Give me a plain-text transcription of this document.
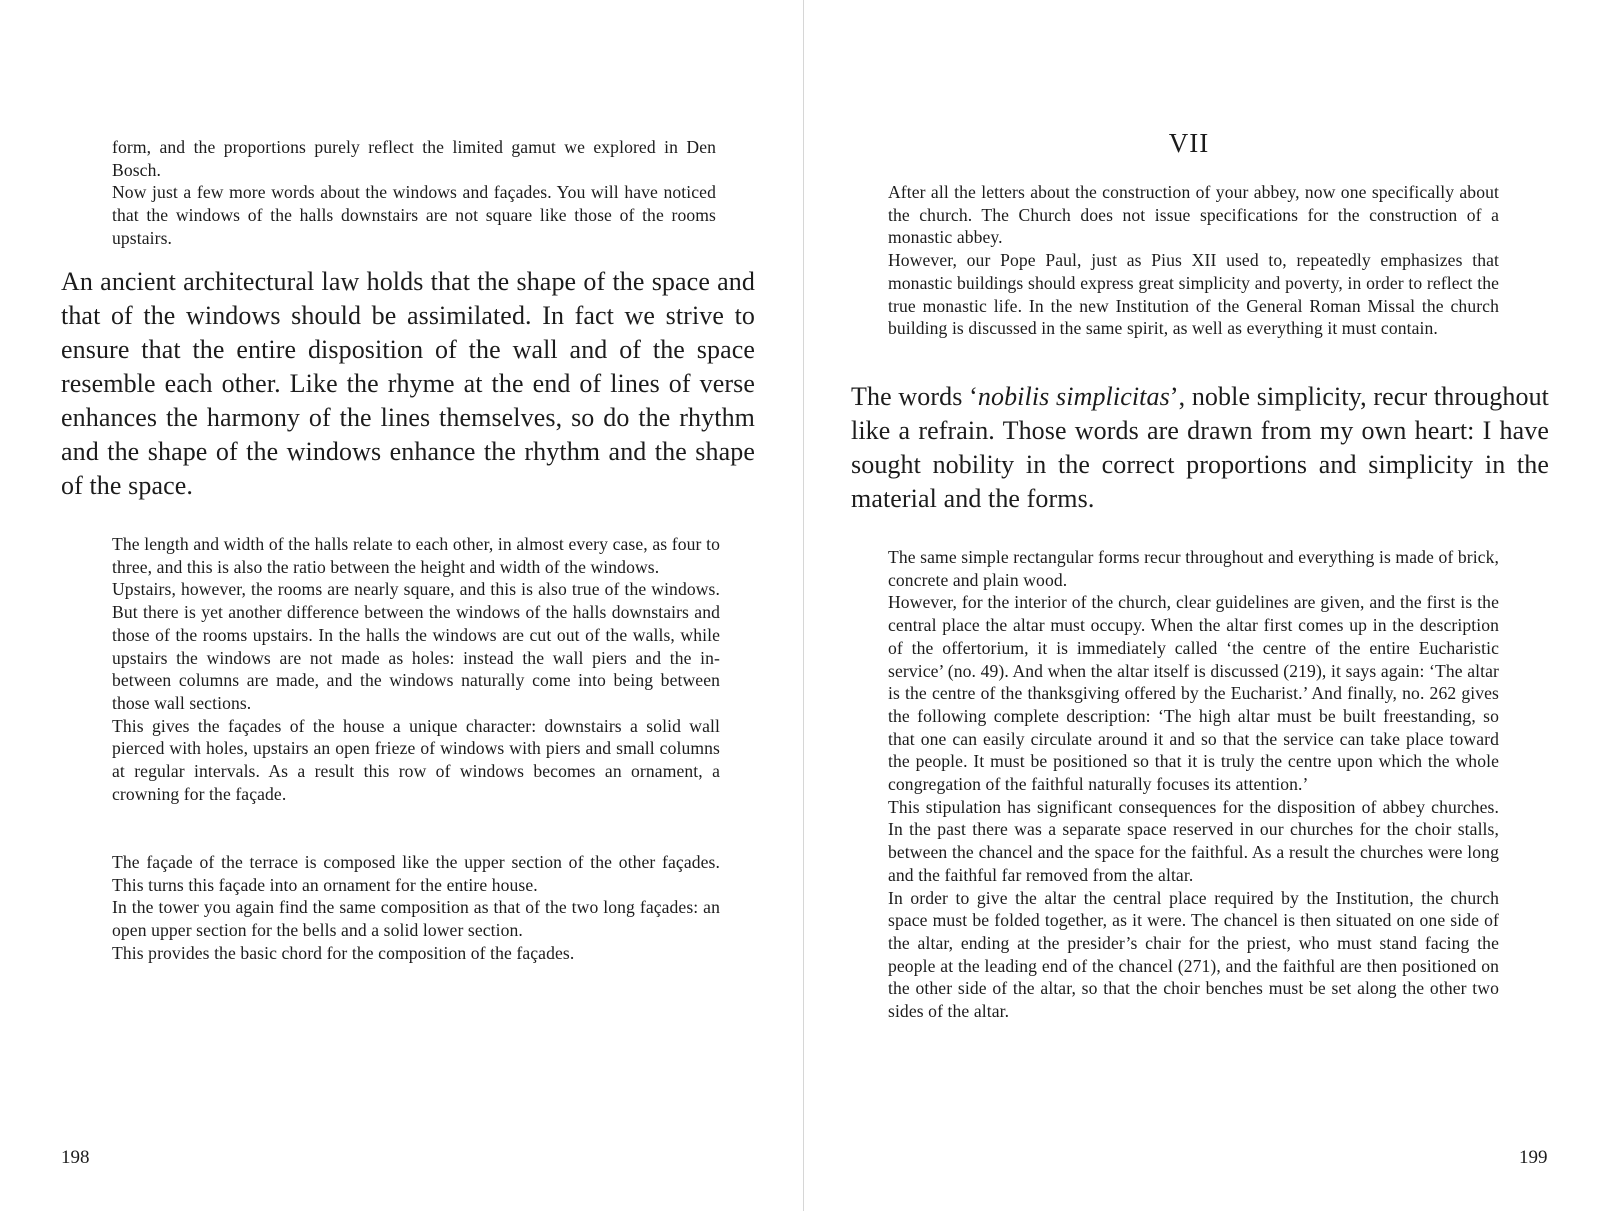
form, and the proportions purely reflect the limited gamut we explored in Den Bosch.

Now just a few more words about the windows and façades. You will have noticed that the windows of the halls downstairs are not square like those of the rooms upstairs.

An ancient architectural law holds that the shape of the space and that of the windows should be assimilated. In fact we strive to ensure that the entire disposition of the wall and of the space resemble each other. Like the rhyme at the end of lines of verse enhances the harmony of the lines themselves, so do the rhythm and the shape of the windows enhance the rhythm and the shape of the space.

The length and width of the halls relate to each other, in almost every case, as four to three, and this is also the ratio between the height and width of the windows.

Upstairs, however, the rooms are nearly square, and this is also true of the windows. But there is yet another difference between the windows of the halls downstairs and those of the rooms upstairs. In the halls the windows are cut out of the walls, while upstairs the windows are not made as holes: instead the wall piers and the in-between columns are made, and the windows naturally come into being between those wall sections.

This gives the façades of the house a unique character: downstairs a solid wall pierced with holes, upstairs an open frieze of windows with piers and small columns at regular intervals. As a result this row of windows becomes an ornament, a crowning for the façade.

The façade of the terrace is composed like the upper section of the other façades. This turns this façade into an ornament for the entire house.

In the tower you again find the same composition as that of the two long façades: an open upper section for the bells and a solid lower section.

This provides the basic chord for the composition of the façades.

198
VII

After all the letters about the construction of your abbey, now one specifically about the church. The Church does not issue specifications for the construction of a monastic abbey.

However, our Pope Paul, just as Pius XII used to, repeatedly emphasizes that monastic buildings should express great simplicity and poverty, in order to reflect the true monastic life. In the new Institution of the General Roman Missal the church building is discussed in the same spirit, as well as everything it must contain.

The words ‘nobilis simplicitas’, noble simplicity, recur throughout like a refrain. Those words are drawn from my own heart: I have sought nobility in the correct proportions and simplicity in the material and the forms.

The same simple rectangular forms recur throughout and everything is made of brick, concrete and plain wood.

However, for the interior of the church, clear guidelines are given, and the first is the central place the altar must occupy. When the altar first comes up in the description of the offertorium, it is immediately called ‘the centre of the entire Eucharistic service’ (no. 49). And when the altar itself is discussed (219), it says again: ‘The altar is the centre of the thanksgiving offered by the Eucharist.’ And finally, no. 262 gives the following complete description: ‘The high altar must be built freestanding, so that one can easily circulate around it and so that the service can take place toward the people. It must be positioned so that it is truly the centre upon which the whole congregation of the faithful naturally focuses its attention.’

This stipulation has significant consequences for the disposition of abbey churches. In the past there was a separate space reserved in our churches for the choir stalls, between the chancel and the space for the faithful. As a result the churches were long and the faithful far removed from the altar.

In order to give the altar the central place required by the Institution, the church space must be folded together, as it were. The chancel is then situated on one side of the altar, ending at the presider’s chair for the priest, who must stand facing the people at the leading end of the chancel (271), and the faithful are then positioned on the other side of the altar, so that the choir benches must be set along the other two sides of the altar.

199
